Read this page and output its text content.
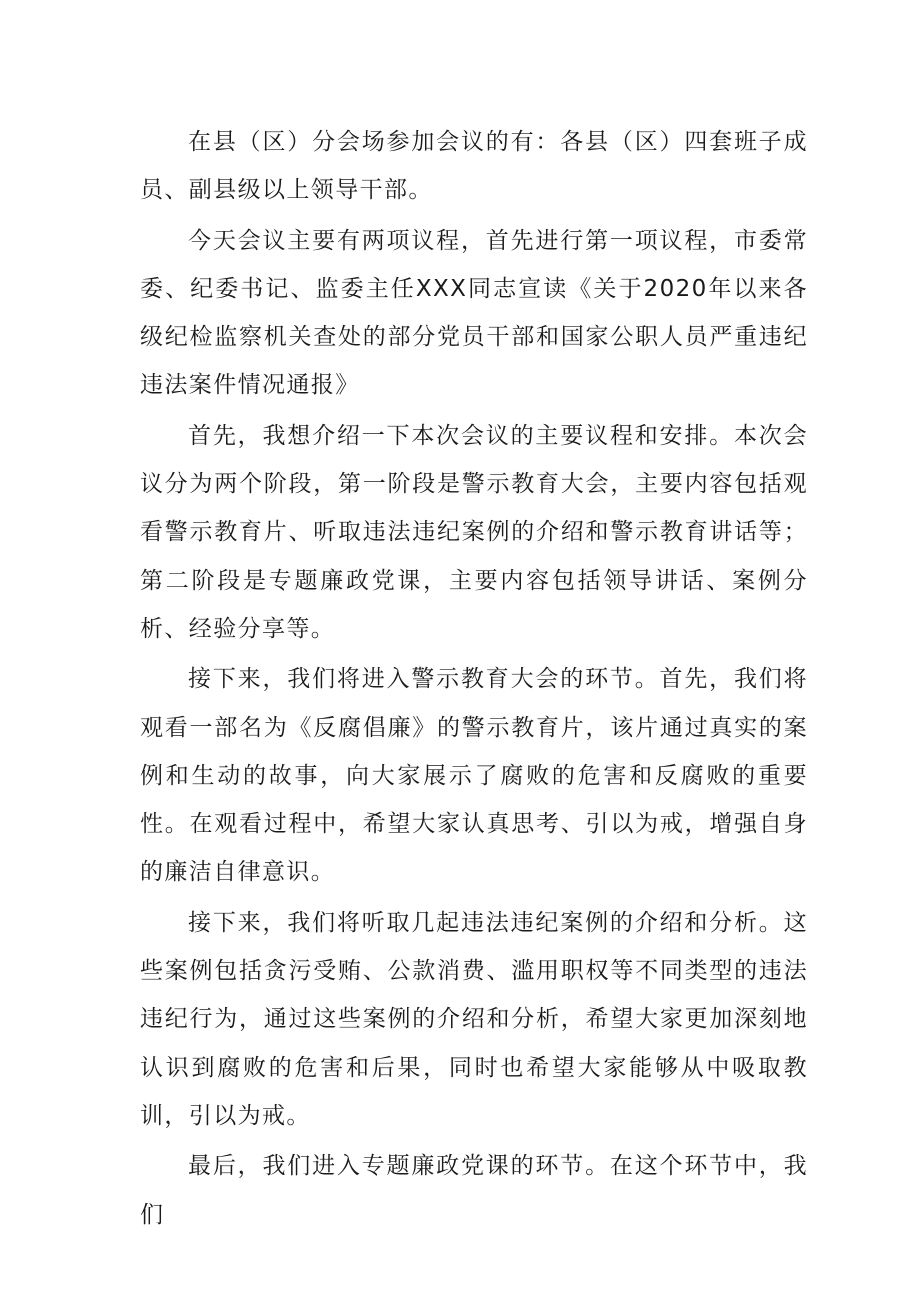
在县（区）分会场参加会议的有：各县（区）四套班子成员、副县级以上领导干部。

今天会议主要有两项议程，首先进行第一项议程，市委常委、纪委书记、监委主任XXX同志宣读《关于2020年以来各级纪检监察机关查处的部分党员干部和国家公职人员严重违纪违法案件情况通报》

首先，我想介绍一下本次会议的主要议程和安排。本次会议分为两个阶段，第一阶段是警示教育大会，主要内容包括观看警示教育片、听取违法违纪案例的介绍和警示教育讲话等；第二阶段是专题廉政党课，主要内容包括领导讲话、案例分析、经验分享等。

接下来，我们将进入警示教育大会的环节。首先，我们将观看一部名为《反腐倡廉》的警示教育片，该片通过真实的案例和生动的故事，向大家展示了腐败的危害和反腐败的重要性。在观看过程中，希望大家认真思考、引以为戒，增强自身的廉洁自律意识。

接下来，我们将听取几起违法违纪案例的介绍和分析。这些案例包括贪污受贿、公款消费、滥用职权等不同类型的违法违纪行为，通过这些案例的介绍和分析，希望大家更加深刻地认识到腐败的危害和后果，同时也希望大家能够从中吸取教训，引以为戒。

最后，我们进入专题廉政党课的环节。在这个环节中，我们
